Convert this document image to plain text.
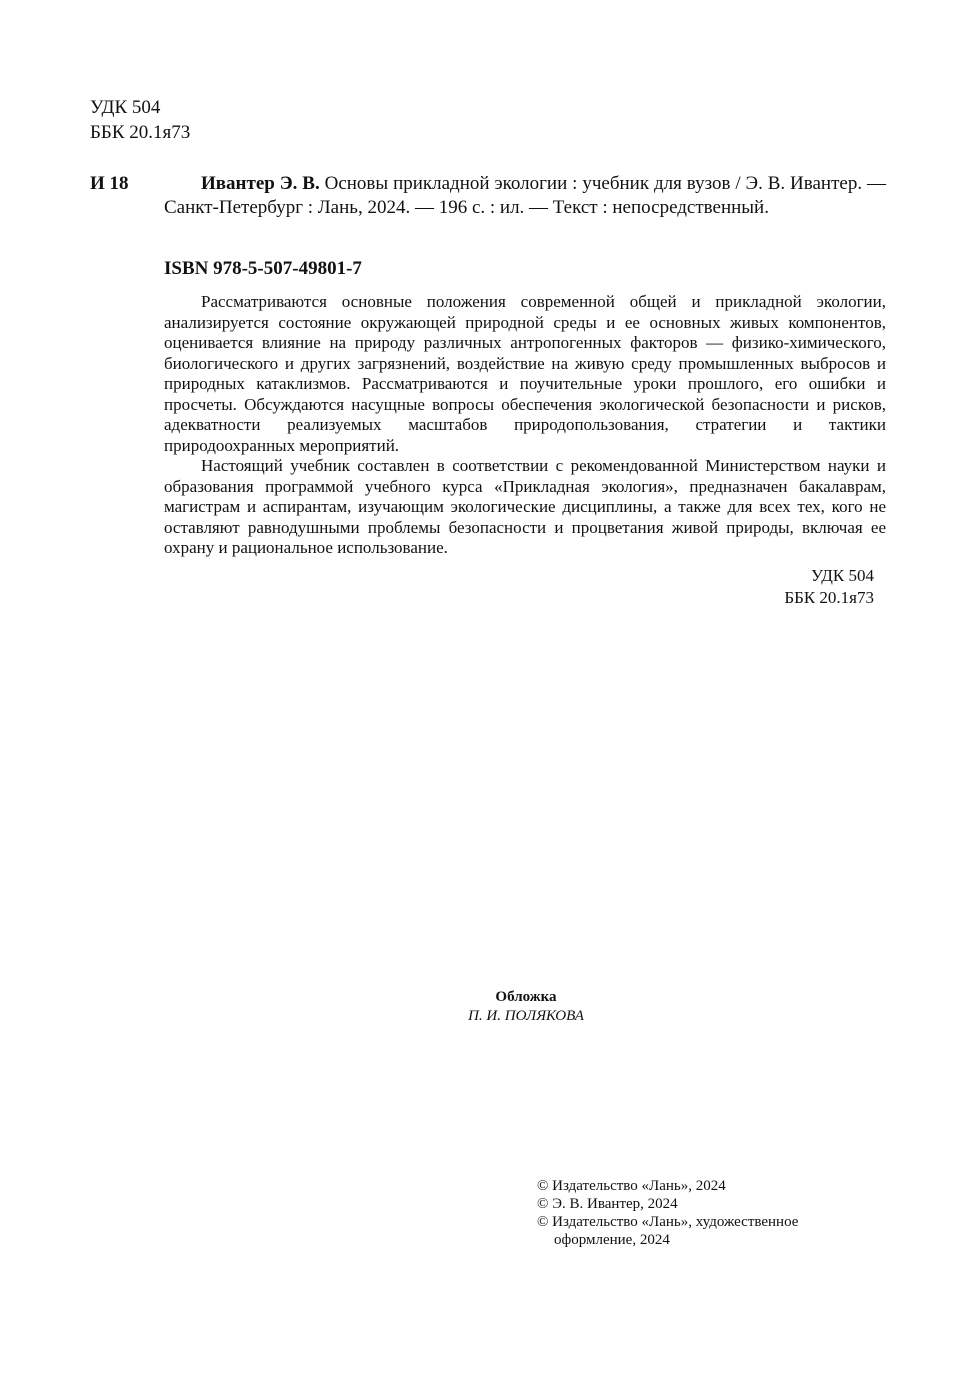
УДК 504
ББК 20.1я73
И 18	Ивантер Э. В. Основы прикладной экологии : учебник для вузов / Э. В. Ивантер. — Санкт-Петербург : Лань, 2024. — 196 с. : ил. — Текст : непосредственный.
ISBN 978-5-507-49801-7

Рассматриваются основные положения современной общей и прикладной экологии, анализируется состояние окружающей природной среды и ее основных живых компонентов, оценивается влияние на природу различных антропогенных факторов — физико-химического, биологического и других загрязнений, воздействие на живую среду промышленных выбросов и природных катаклизмов. Рассматриваются и поучительные уроки прошлого, его ошибки и просчеты. Обсуждаются насущные вопросы обеспечения экологической безопасности и рисков, адекватности реализуемых масштабов природопользования, стратегии и тактики природоохранных мероприятий.

Настоящий учебник составлен в соответствии с рекомендованной Министерством науки и образования программой учебного курса «Прикладная экология», предназначен бакалаврам, магистрам и аспирантам, изучающим экологические дисциплины, а также для всех тех, кого не оставляют равнодушными проблемы безопасности и процветания живой природы, включая ее охрану и рациональное использование.

УДК 504
ББК 20.1я73
Обложка
П. И. ПОЛЯКОВА
© Издательство «Лань», 2024
© Э. В. Ивантер, 2024
© Издательство «Лань», художественное
оформление, 2024
